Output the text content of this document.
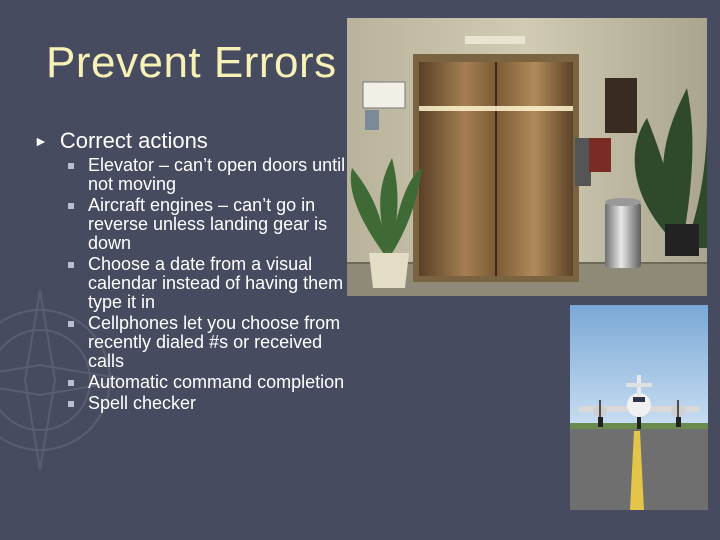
Prevent Errors
► Correct actions
Elevator – can’t open doors until not moving
Aircraft engines – can’t go in reverse unless landing gear is down
Choose a date from a visual calendar instead of having them type it in
Cellphones let you choose from recently dialed #s or received calls
Automatic command completion
Spell checker
